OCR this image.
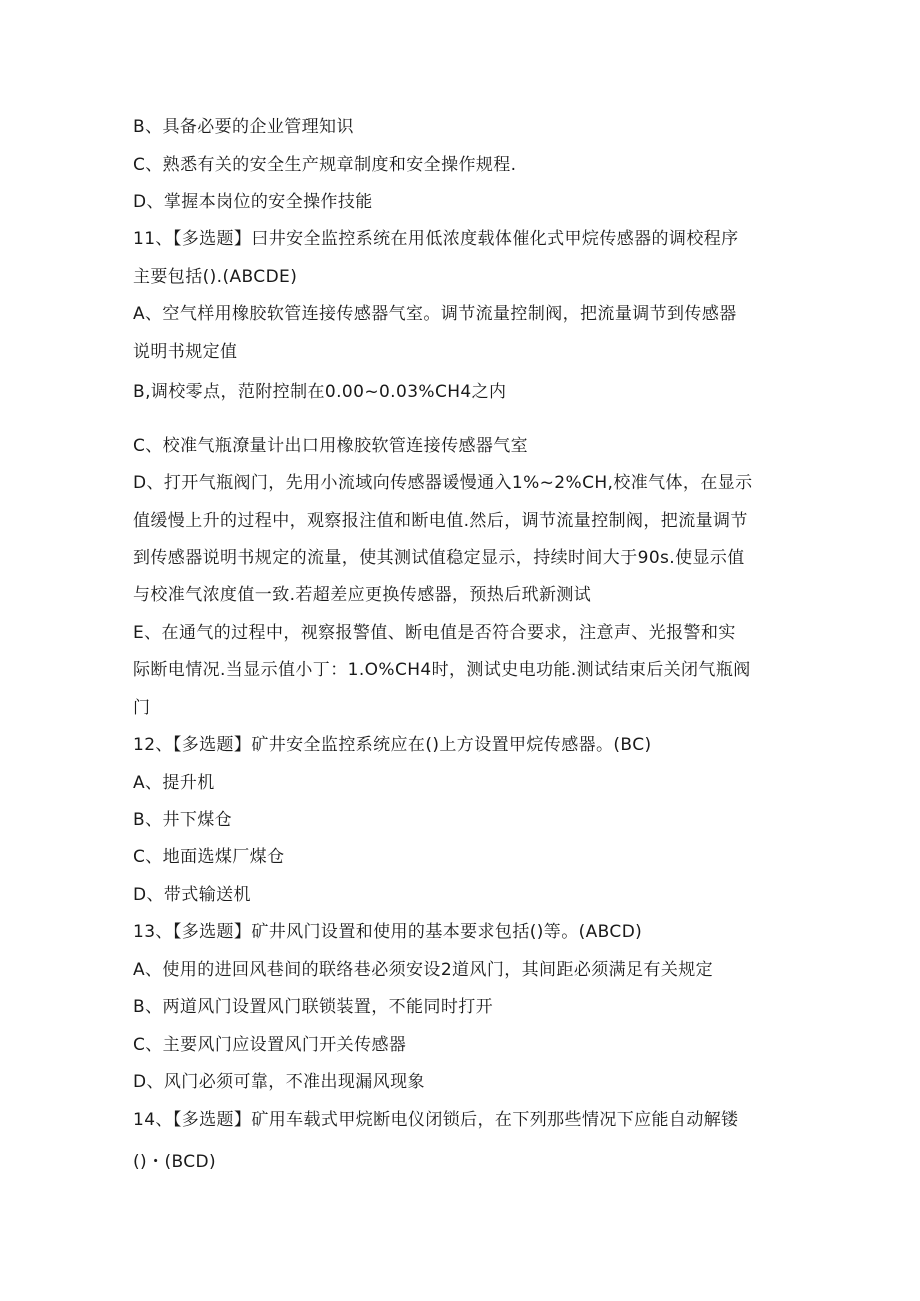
B、具备必要的企业管理知识
C、熟悉有关的安全生产规章制度和安全操作规程.
D、掌握本岗位的安全操作技能
11、【多选题】曰井安全监控系统在用低浓度载体催化式甲烷传感器的调校程序
主要包括().(ABCDE)
A、空气样用橡胶软管连接传感器气室。调节流量控制阀，把流量调节到传感器
说明书规定值
B,调校零点，范附控制在0.00~0.03%CH4之内
C、校准气瓶潦量计出口用橡胶软管连接传感器气室
D、打开气瓶阀门，先用小流域向传感器谖慢通入1%~2%CH,校准气体，在显示
值缓慢上升的过程中，观察报注值和断电值.然后，调节流量控制阀，把流量调节
到传感器说明书规定的流量，使其测试值稳定显示，持续时间大于90s.使显示值
与校准气浓度值一致.若超差应更换传感器，预热后玳新测试
E、在通气的过程中，视察报警值、断电值是否符合要求，注意声、光报警和实
际断电情况.当显示值小丁：1.O%CH4时，测试史电功能.测试结束后关闭气瓶阀
门
12、【多选题】矿井安全监控系统应在()上方设置甲烷传感器。(BC)
A、提升机
B、井下煤仓
C、地面选煤厂煤仓
D、带式输送机
13、【多选题】矿井风门设置和使用的基本要求包括()等。(ABCD)
A、使用的进回风巷间的联络巷必须安设2道风门，其间距必须满足有关规定
B、两道风门设置风门联锁装置，不能同时打开
C、主要风门应设置风门开关传感器
D、风门必须可靠，不准出现漏风现象
14、【多选题】矿用车载式甲烷断电仪闭锁后，在下列那些情况下应能自动解镂
()・(BCD)
